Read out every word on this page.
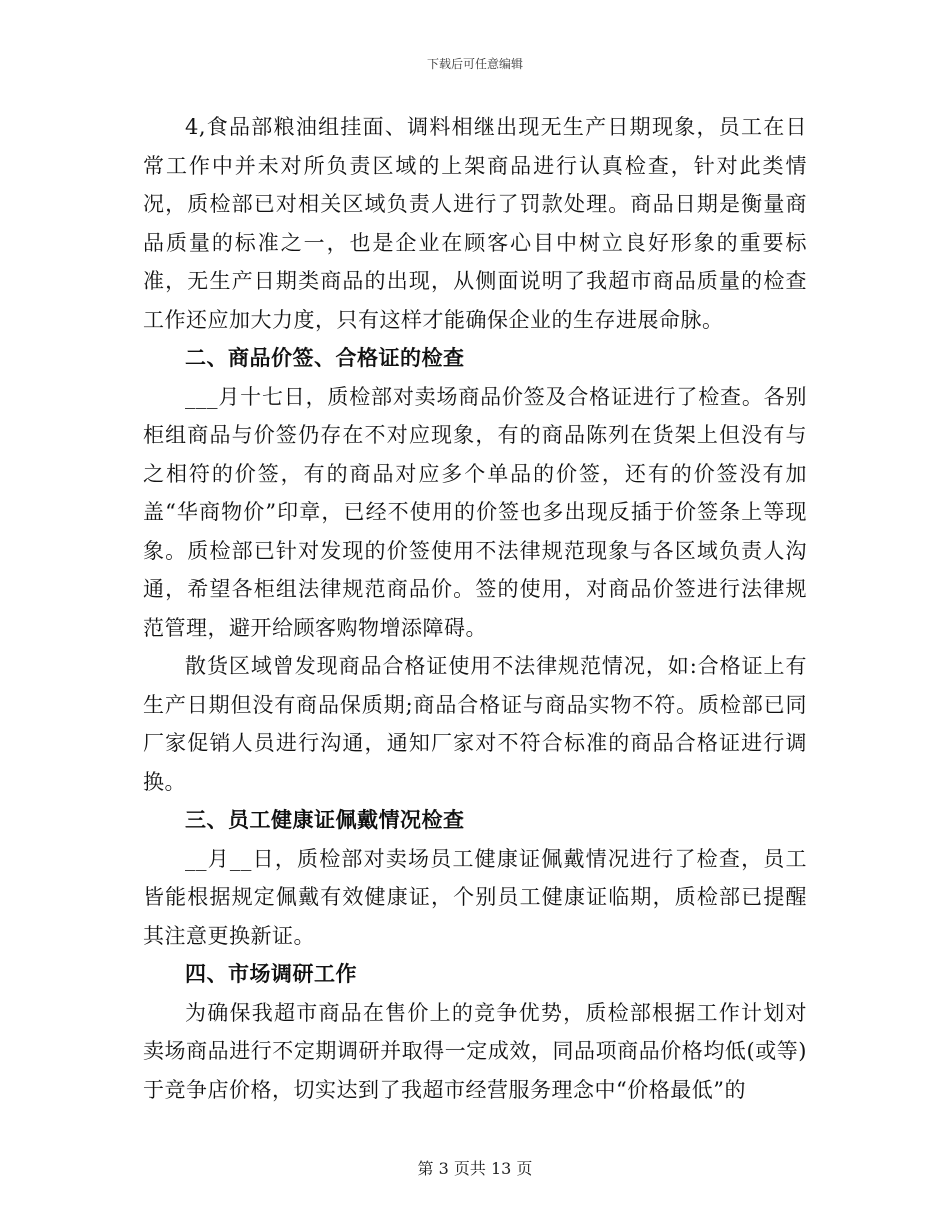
下载后可任意编辑

4,食品部粮油组挂面、调料相继出现无生产日期现象，员工在日常工作中并未对所负责区域的上架商品进行认真检查，针对此类情况，质检部已对相关区域负责人进行了罚款处理。商品日期是衡量商品质量的标准之一，也是企业在顾客心目中树立良好形象的重要标准，无生产日期类商品的出现，从侧面说明了我超市商品质量的检查工作还应加大力度，只有这样才能确保企业的生存进展命脉。

二、商品价签、合格证的检查

___月十七日，质检部对卖场商品价签及合格证进行了检查。各别柜组商品与价签仍存在不对应现象，有的商品陈列在货架上但没有与之相符的价签，有的商品对应多个单品的价签，还有的价签没有加盖“华商物价”印章，已经不使用的价签也多出现反插于价签条上等现象。质检部已针对发现的价签使用不法律规范现象与各区域负责人沟通，希望各柜组法律规范商品价。签的使用，对商品价签进行法律规范管理，避开给顾客购物增添障碍。

散货区域曾发现商品合格证使用不法律规范情况，如:合格证上有生产日期但没有商品保质期;商品合格证与商品实物不符。质检部已同厂家促销人员进行沟通，通知厂家对不符合标准的商品合格证进行调换。

三、员工健康证佩戴情况检查

__月__日，质检部对卖场员工健康证佩戴情况进行了检查，员工皆能根据规定佩戴有效健康证，个别员工健康证临期，质检部已提醒其注意更换新证。

四、市场调研工作

为确保我超市商品在售价上的竞争优势，质检部根据工作计划对卖场商品进行不定期调研并取得一定成效，同品项商品价格均低(或等)于竞争店价格，切实达到了我超市经营服务理念中“价格最低”的

第 3 页共 13 页
